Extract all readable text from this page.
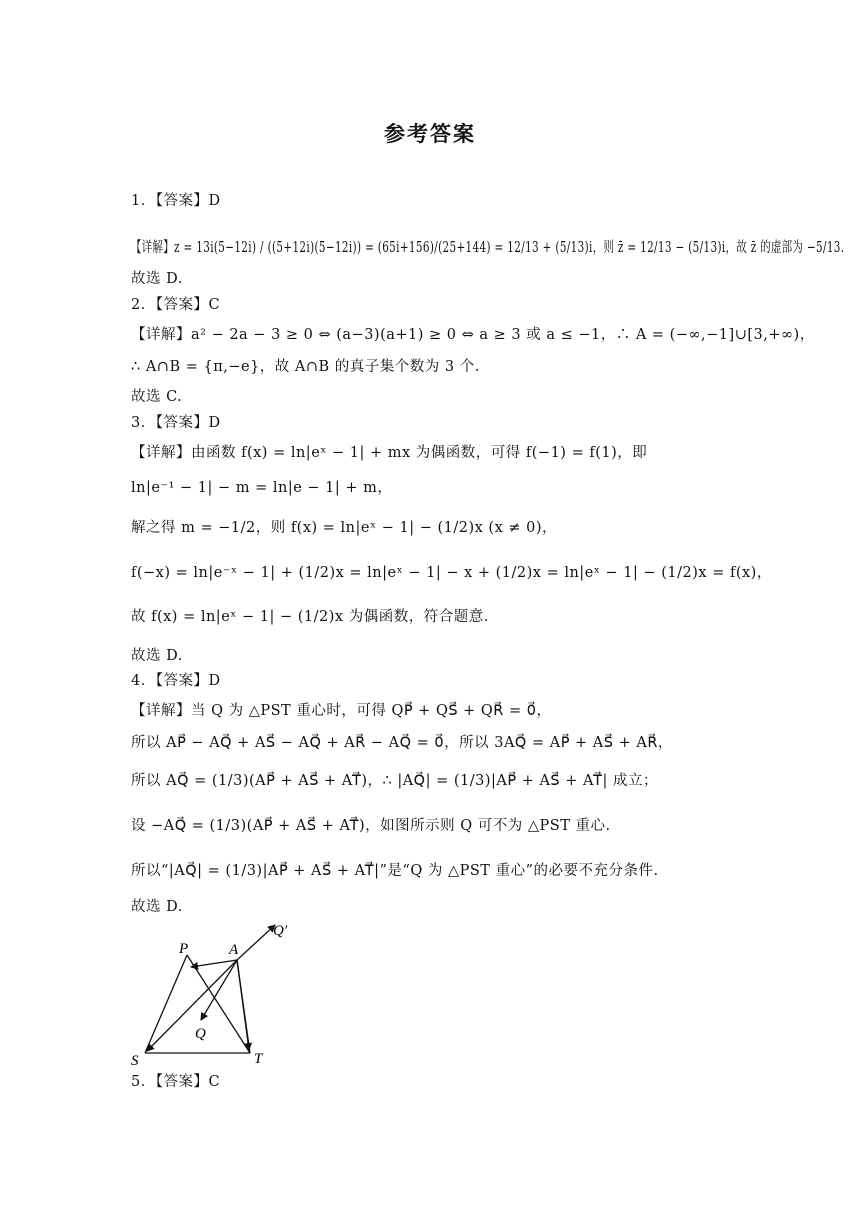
参考答案
1．【答案】D
【详解】z = 13i(5−12i) / ((5+12i)(5−12i)) = (65i+156)/(25+144) = 12/13 + (5/13)i，则 z̄ = 12/13 − (5/13)i，故 z̄ 的虚部为 −5/13.
故选 D.
2．【答案】C
【详解】a² − 2a − 3 ≥ 0 ⇔ (a−3)(a+1) ≥ 0 ⇔ a ≥ 3 或 a ≤ −1，∴ A = (−∞,−1]∪[3,+∞)，
∴ A∩B = {π,−e}，故 A∩B 的真子集个数为 3 个.
故选 C.
3．【答案】D
【详解】由函数 f(x) = ln|eˣ − 1| + mx 为偶函数，可得 f(−1) = f(1)，即
ln|e⁻¹ − 1| − m = ln|e − 1| + m，
解之得 m = −1/2，则 f(x) = ln|eˣ − 1| − (1/2)x (x ≠ 0)，
f(−x) = ln|e⁻ˣ − 1| + (1/2)x = ln|eˣ − 1| − x + (1/2)x = ln|eˣ − 1| − (1/2)x = f(x)，
故 f(x) = ln|eˣ − 1| − (1/2)x 为偶函数，符合题意.
故选 D.
4．【答案】D
【详解】当 Q 为 △PST 重心时，可得 QP⃗ + QS⃗ + QR⃗ = 0⃗，
所以 AP⃗ − AQ⃗ + AS⃗ − AQ⃗ + AR⃗ − AQ⃗ = 0⃗，所以 3AQ⃗ = AP⃗ + AS⃗ + AR⃗，
所以 AQ⃗ = (1/3)(AP⃗ + AS⃗ + AT⃗)，∴ |AQ⃗| = (1/3)|AP⃗ + AS⃗ + AT⃗| 成立；
设 −AQ⃗ = (1/3)(AP⃗ + AS⃗ + AT⃗)，如图所示则 Q 可不为 △PST 重心.
所以“|AQ⃗| = (1/3)|AP⃗ + AS⃗ + AT⃗|”是“Q 为 △PST 重心”的必要不充分条件.
故选 D.
Q′
P	A
Q
S	T
5．【答案】C
